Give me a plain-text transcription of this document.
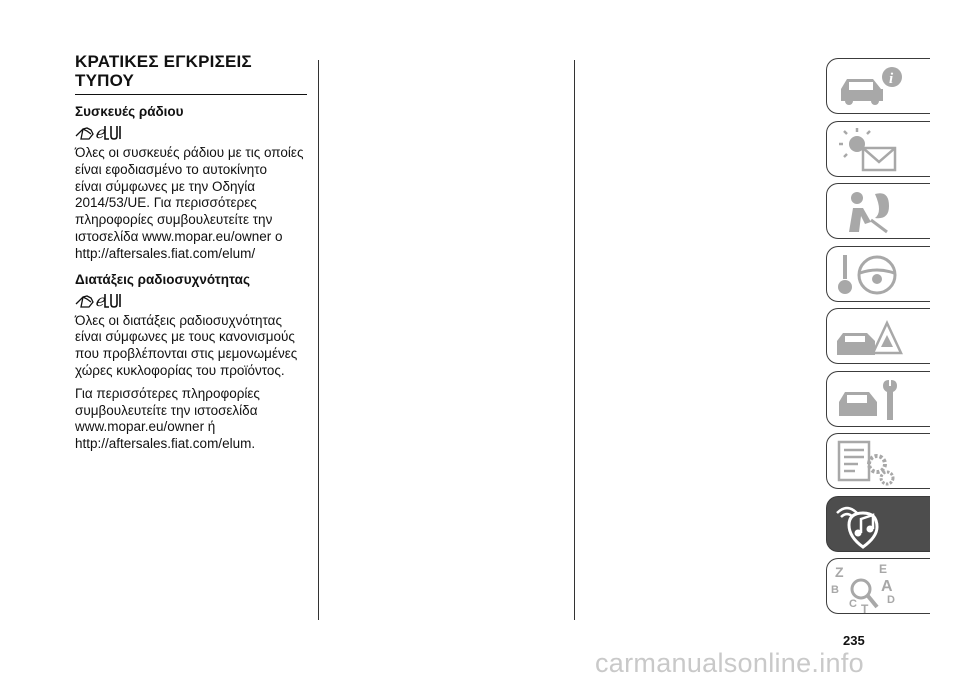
ΚΡΑΤΙΚΕΣ ΕΓΚΡΙΣΕΙΣ
ΤΥΠΟΥ
Συσκευές ράδιου
ℯ

Όλες οι συσκευές ράδιου με τις οποίες
είναι εφοδιασμένο το αυτοκίνητο
είναι σύμφωνες με την Οδηγία
2014/53/UE. Για περισσότερες
πληροφορίες συμβουλευτείτε την
ιστοσελίδα www.mopar.eu/owner ο
http://aftersales.fiat.com/elum/

Διατάξεις ραδιοσυχνότητας
ℯ

Όλες οι διατάξεις ραδιοσυχνότητας
είναι σύμφωνες με τους κανονισμούς
που προβλέπονται στις μεμονωμένες
χώρες κυκλοφορίας του προϊόντος.

Για περισσότερες πληροφορίες
συμβουλευτείτε την ιστοσελίδα
www.mopar.eu/owner ή
http://aftersales.fiat.com/elum.

i
Z	E
A
B
C T
D
235
carmanualsonline.info
